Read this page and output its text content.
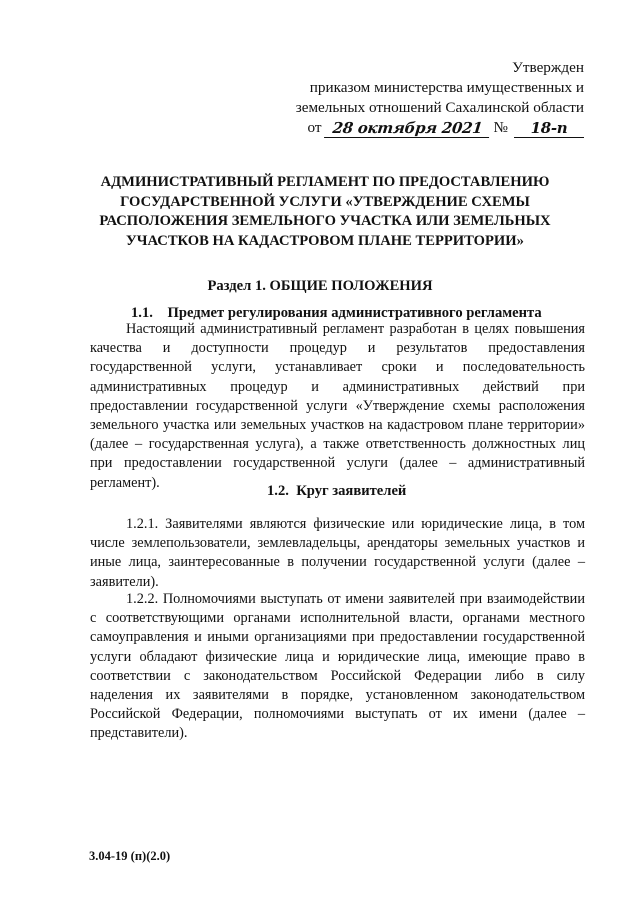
Утвержден
приказом министерства имущественных и
земельных отношений Сахалинской области
от 28 октября 2021 №	18-п
АДМИНИСТРАТИВНЫЙ РЕГЛАМЕНТ ПО ПРЕДОСТАВЛЕНИЮ ГОСУДАРСТВЕННОЙ УСЛУГИ «УТВЕРЖДЕНИЕ СХЕМЫ РАСПОЛОЖЕНИЯ ЗЕМЕЛЬНОГО УЧАСТКА ИЛИ ЗЕМЕЛЬНЫХ УЧАСТКОВ НА КАДАСТРОВОМ ПЛАНЕ ТЕРРИТОРИИ»
Раздел 1. ОБЩИЕ ПОЛОЖЕНИЯ
1.1.    Предмет регулирования административного регламента
Настоящий административный регламент разработан в целях повышения качества и доступности процедур и результатов предоставления государственной услуги, устанавливает сроки и последовательность административных процедур и административных действий при предоставлении государственной услуги «Утверждение схемы расположения земельного участка или земельных участков на кадастровом плане территории» (далее – государственная услуга), а также ответственность должностных лиц при предоставлении государственной услуги (далее – административный регламент).
1.2.  Круг заявителей
1.2.1. Заявителями являются физические или юридические лица, в том числе землепользователи, землевладельцы, арендаторы земельных участков и иные лица, заинтересованные в получении государственной услуги (далее – заявители).
1.2.2. Полномочиями выступать от имени заявителей при взаимодействии с соответствующими органами исполнительной власти, органами местного самоуправления и иными организациями при предоставлении государственной услуги обладают физические лица и юридические лица, имеющие право в соответствии с законодательством Российской Федерации либо в силу наделения их заявителями в порядке, установленном законодательством Российской Федерации, полномочиями выступать от их имени (далее – представители).
3.04-19 (п)(2.0)
